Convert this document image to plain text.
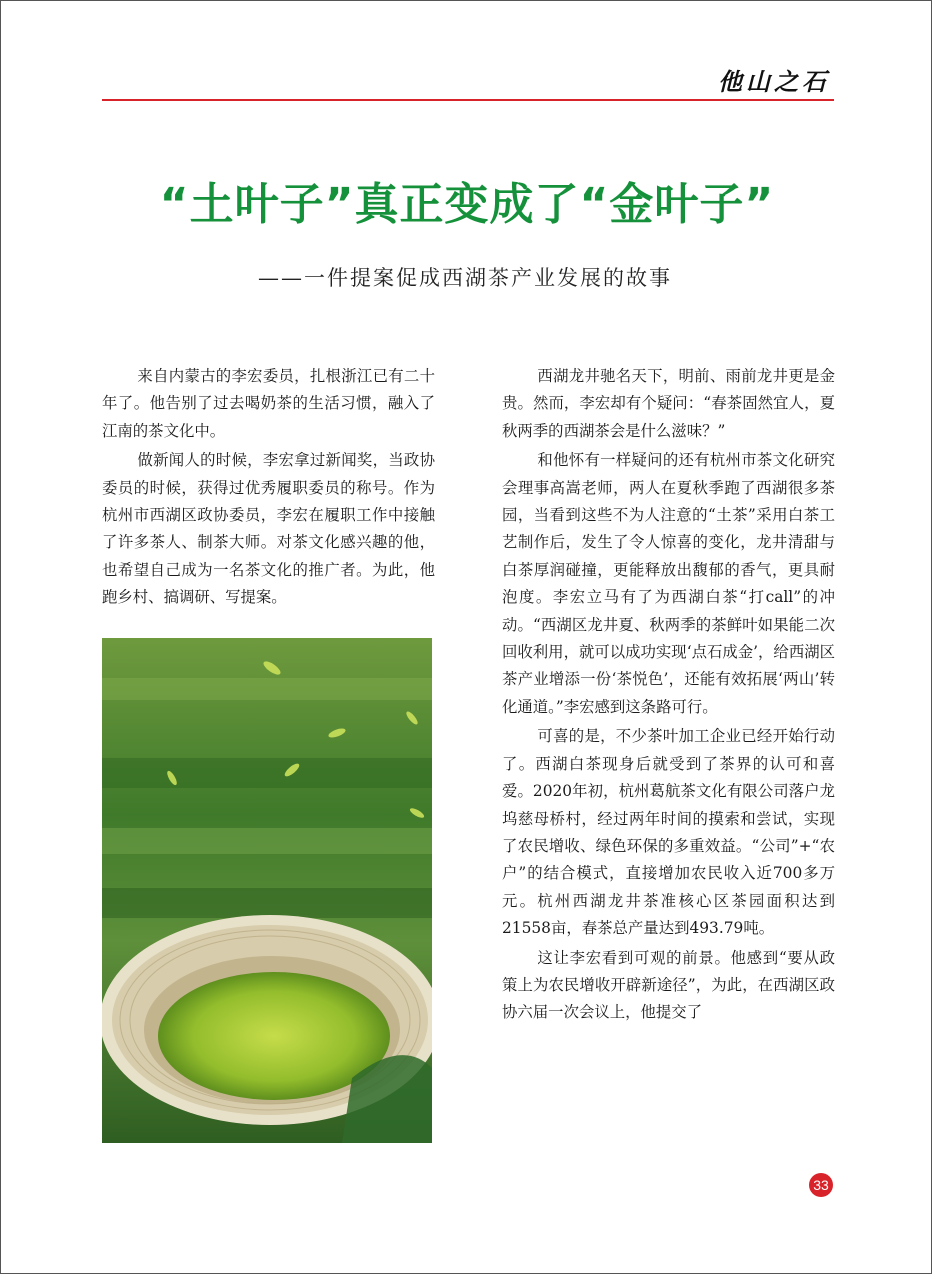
他山之石
“土叶子”真正变成了“金叶子”
——一件提案促成西湖茶产业发展的故事

来自内蒙古的李宏委员，扎根浙江已有二十年了。他告别了过去喝奶茶的生活习惯，融入了江南的茶文化中。

做新闻人的时候，李宏拿过新闻奖，当政协委员的时候，获得过优秀履职委员的称号。作为杭州市西湖区政协委员，李宏在履职工作中接触了许多茶人、制茶大师。对茶文化感兴趣的他，也希望自己成为一名茶文化的推广者。为此，他跑乡村、搞调研、写提案。

西湖龙井驰名天下，明前、雨前龙井更是金贵。然而，李宏却有个疑问：“春茶固然宜人，夏秋两季的西湖茶会是什么滋味？”

和他怀有一样疑问的还有杭州市茶文化研究会理事高嵩老师，两人在夏秋季跑了西湖很多茶园，当看到这些不为人注意的“土茶”采用白茶工艺制作后，发生了令人惊喜的变化，龙井清甜与白茶厚润碰撞，更能释放出馥郁的香气，更具耐泡度。李宏立马有了为西湖白茶“打call”的冲动。“西湖区龙井夏、秋两季的茶鲜叶如果能二次回收利用，就可以成功实现‘点石成金’，给西湖区茶产业增添一份‘茶悦色’，还能有效拓展‘两山’转化通道。”李宏感到这条路可行。

可喜的是，不少茶叶加工企业已经开始行动了。西湖白茶现身后就受到了茶界的认可和喜爱。2020年初，杭州葛航茶文化有限公司落户龙坞慈母桥村，经过两年时间的摸索和尝试，实现了农民增收、绿色环保的多重效益。“公司”+“农户”的结合模式，直接增加农民收入近700多万元。杭州西湖龙井茶准核心区茶园面积达到21558亩，春茶总产量达到493.79吨。

这让李宏看到可观的前景。他感到“要从政策上为农民增收开辟新途径”，为此，在西湖区政协六届一次会议上，他提交了

33
